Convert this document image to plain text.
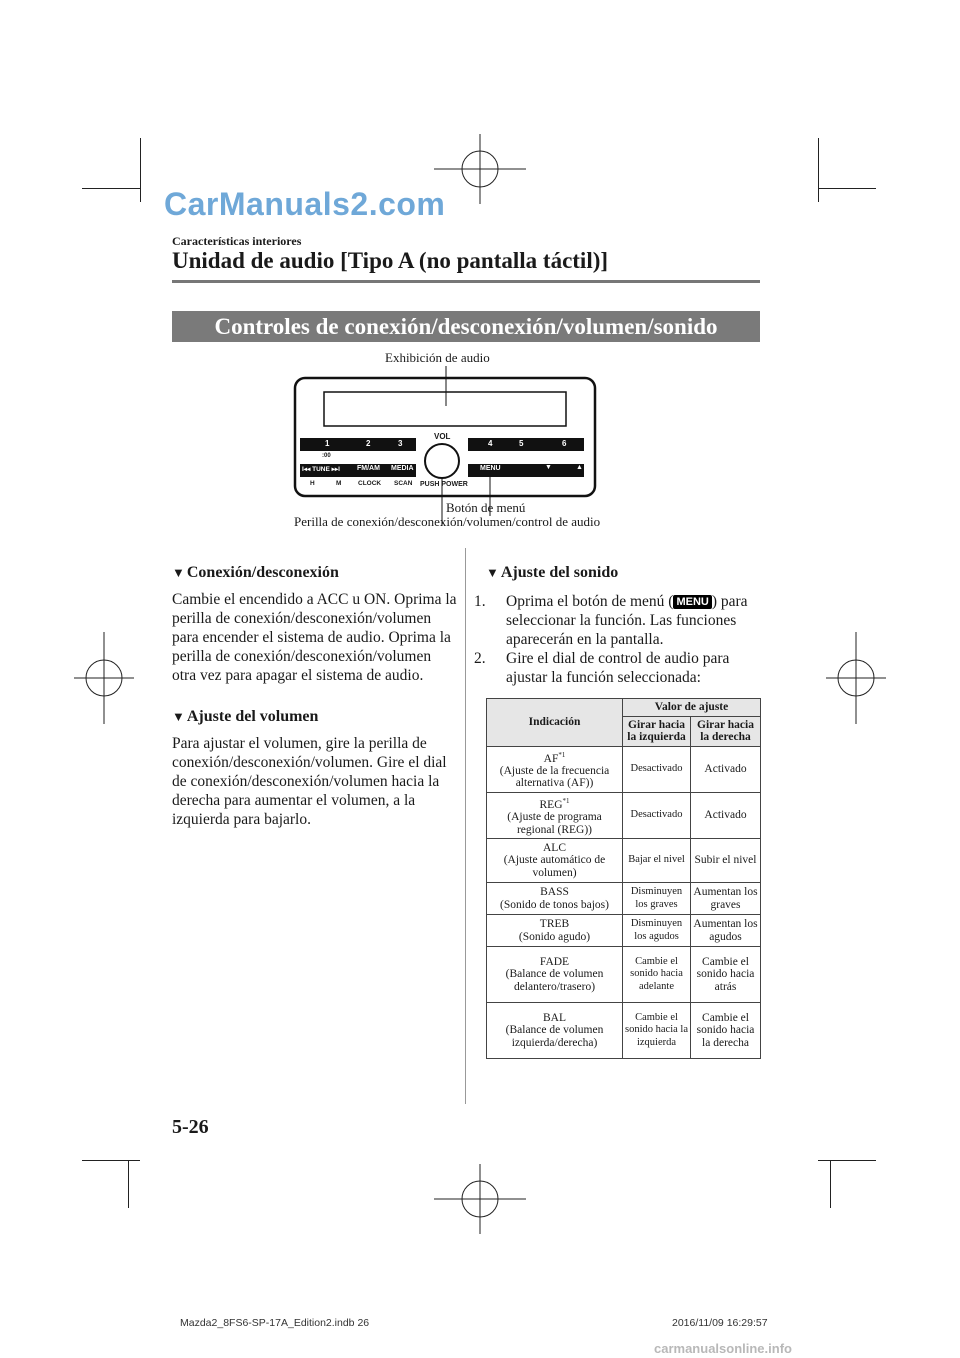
CarManuals2.com
Características interiores
Unidad de audio [Tipo A (no pantalla táctil)]
Controles de conexión/desconexión/volumen/sonido
Exhibición de audio
VOL
PUSH POWER
1	2	3	4	5	6
:00
I◂◂ TUNE ▸▸I FM/AM MEDIA	MENU	▼	▲
H	M	CLOCK SCAN
Botón de menú
Perilla de conexión/desconexión/volumen/control de audio
▼ Conexión/desconexión
Cambie el encendido a ACC u ON. Oprima la perilla de conexión/desconexión/volumen para encender el sistema de audio. Oprima la perilla de conexión/desconexión/volumen otra vez para apagar el sistema de audio.
▼ Ajuste del volumen
Para ajustar el volumen, gire la perilla de conexión/desconexión/volumen. Gire el dial de conexión/desconexión/volumen hacia la derecha para aumentar el volumen, a la izquierda para bajarlo.
▼ Ajuste del sonido
1. Oprima el botón de menú ( MENU ) para seleccionar la función. Las funciones aparecerán en la pantalla.
2. Gire el dial de control de audio para ajustar la función seleccionada:
Indicación	Valor de ajuste	
	Girar hacia la izquierda	Girar hacia la derecha
AF$^{*1}$
(Ajuste de la frecuencia alternativa (AF))	Desactivado	Activado
REG$^{*1}$
(Ajuste de programa regional (REG))	Desactivado	Activado
ALC
(Ajuste automático de volumen)	Bajar el nivel	Subir el nivel
BASS
(Sonido de tonos bajos)	Disminuyen los graves	Aumentan los graves
TREB
(Sonido agudo)	Disminuyen los agudos	Aumentan los agudos
FADE
(Balance de volumen delantero/trasero)	Cambie el sonido hacia adelante	Cambie el sonido hacia atrás
BAL
(Balance de volumen izquierda/derecha)	Cambie el sonido hacia la izquierda	Cambie el sonido hacia la derecha
5-26
Mazda2_8FS6-SP-17A_Edition2.indb 26	2016/11/09 16:29:57
carmanualsonline.info
